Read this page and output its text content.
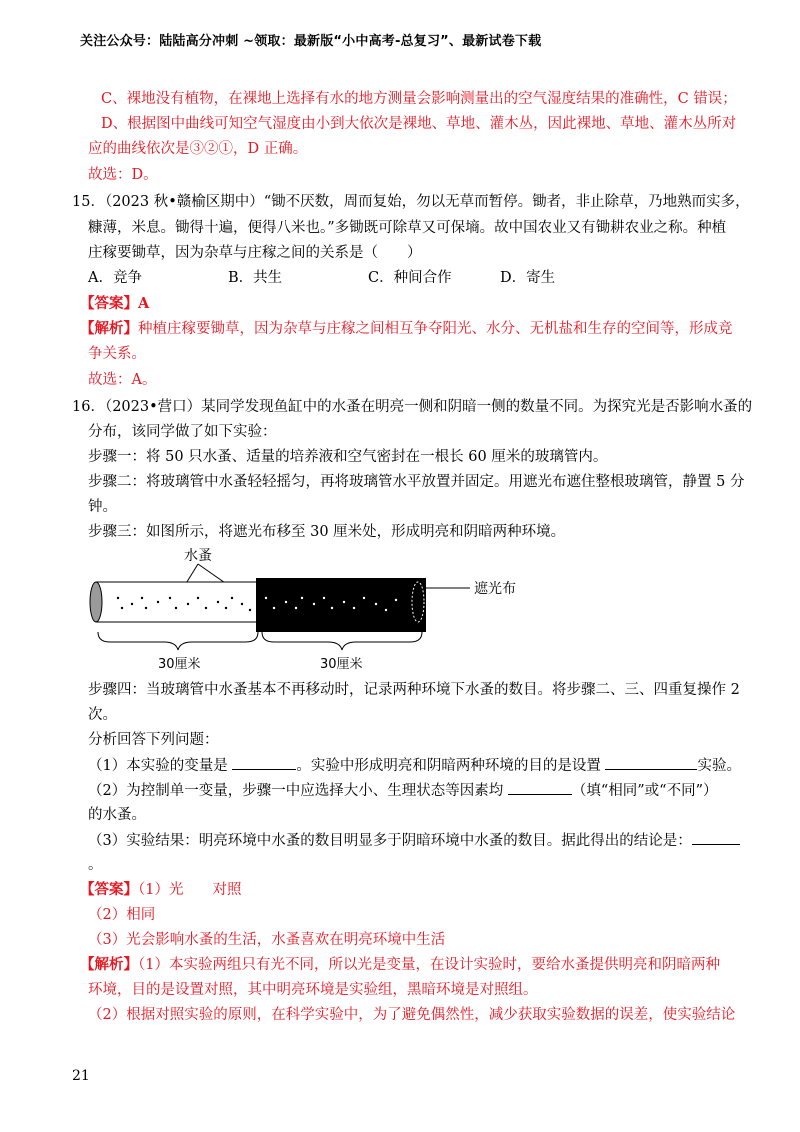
关注公众号：陆陆高分冲刺 ~领取：最新版“小中高考-总复习”、最新试卷下载
C、裸地没有植物，在裸地上选择有水的地方测量会影响测量出的空气湿度结果的准确性，C 错误；
D、根据图中曲线可知空气湿度由小到大依次是裸地、草地、灌木丛，因此裸地、草地、灌木丛所对
应的曲线依次是③②①，D 正确。
故选：D。
15．（2023 秋•赣榆区期中）“锄不厌数，周而复始，勿以无草而暂停。锄者，非止除草，乃地熟而实多，
糠薄，米息。锄得十遍，便得八米也。”多锄既可除草又可保墒。故中国农业又有锄耕农业之称。种植
庄稼要锄草，因为杂草与庄稼之间的关系是（　　）
A．竞争	B．共生	C．种间合作	D．寄生
【答案】A
【解析】种植庄稼要锄草，因为杂草与庄稼之间相互争夺阳光、水分、无机盐和生存的空间等，形成竞
争关系。
故选：A。
16．（2023•营口）某同学发现鱼缸中的水蚤在明亮一侧和阴暗一侧的数量不同。为探究光是否影响水蚤的
分布，该同学做了如下实验：
步骤一：将 50 只水蚤、适量的培养液和空气密封在一根长 60 厘米的玻璃管内。
步骤二：将玻璃管中水蚤轻轻摇匀，再将玻璃管水平放置并固定。用遮光布遮住整根玻璃管，静置 5 分
钟。
步骤三：如图所示，将遮光布移至 30 厘米处，形成明亮和阴暗两种环境。
水蚤
遮光布
30厘米	30厘米
步骤四：当玻璃管中水蚤基本不再移动时，记录两种环境下水蚤的数目。将步骤二、三、四重复操作 2
次。
分析回答下列问题：
（1）本实验的变量是	。实验中形成明亮和阴暗两种环境的目的是设置	实验。
（2）为控制单一变量，步骤一中应选择大小、生理状态等因素均	（填“相同”或“不同”）
的水蚤。
（3）实验结果：明亮环境中水蚤的数目明显多于阴暗环境中水蚤的数目。据此得出的结论是：
。
【答案】（1）光　　对照
（2）相同
（3）光会影响水蚤的生活，水蚤喜欢在明亮环境中生活
【解析】（1）本实验两组只有光不同，所以光是变量，在设计实验时，要给水蚤提供明亮和阴暗两种
环境，目的是设置对照，其中明亮环境是实验组，黑暗环境是对照组。
（2）根据对照实验的原则，在科学实验中，为了避免偶然性，减少获取实验数据的误差，使实验结论
21
